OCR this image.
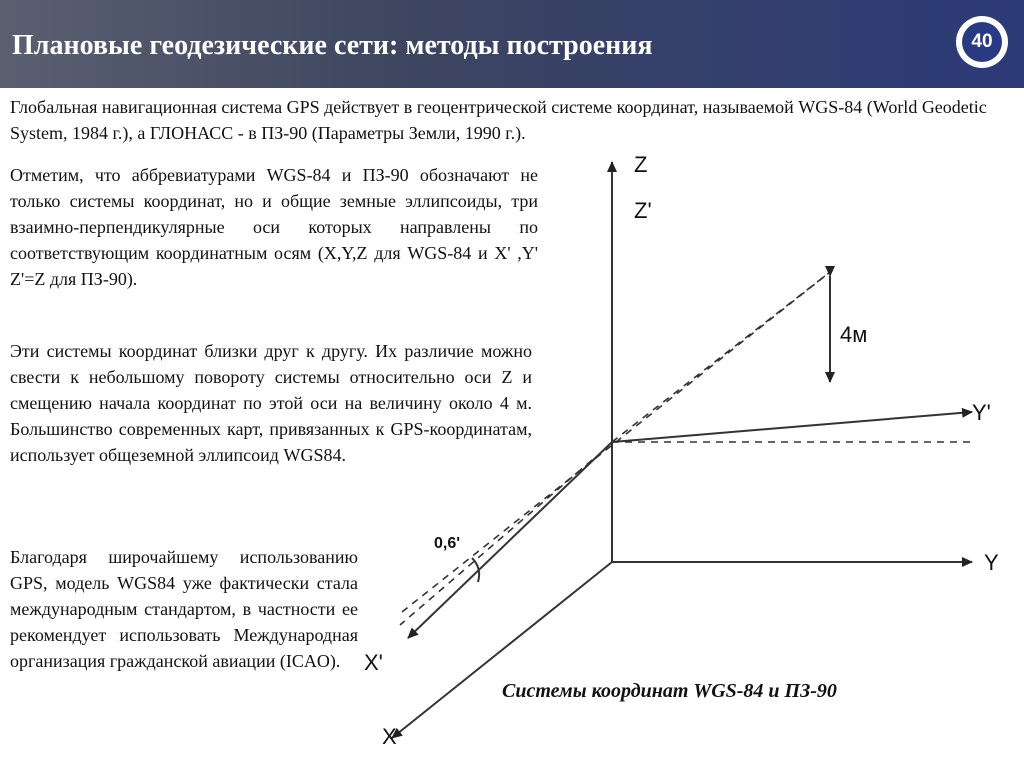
Плановые геодезические сети: методы построения	40

Глобальная навигационная система GPS действует в геоцентрической системе координат, называемой WGS-84 (World Geodetic System, 1984 г.), а ГЛОНАСС - в ПЗ-90 (Параметры Земли, 1990 г.).

Отметим, что аббревиатурами WGS-84 и ПЗ-90 обозначают не только системы координат, но и общие земные эллипсоиды, три взаимно-перпендикулярные оси которых направлены по соответствующим координатным осям (X,Y,Z для WGS-84 и X' ,Y' Z'=Z для ПЗ-90).

Эти системы координат близки друг к другу. Их различие можно свести к небольшому повороту системы относительно оси Z и смещению начала координат по этой оси на величину около 4 м. Большинство современных карт, привязанных к GPS-координатам, использует общеземной эллипсоид WGS84.

Благодаря широчайшему использованию GPS, модель WGS84 уже фактически стала международным стандартом, в частности ее рекомендует использовать Международная организация гражданской авиации (ICAO).

Z
Z'
Y'
Y
X'
X
4м
0,6'

Системы координат WGS-84 и ПЗ-90
